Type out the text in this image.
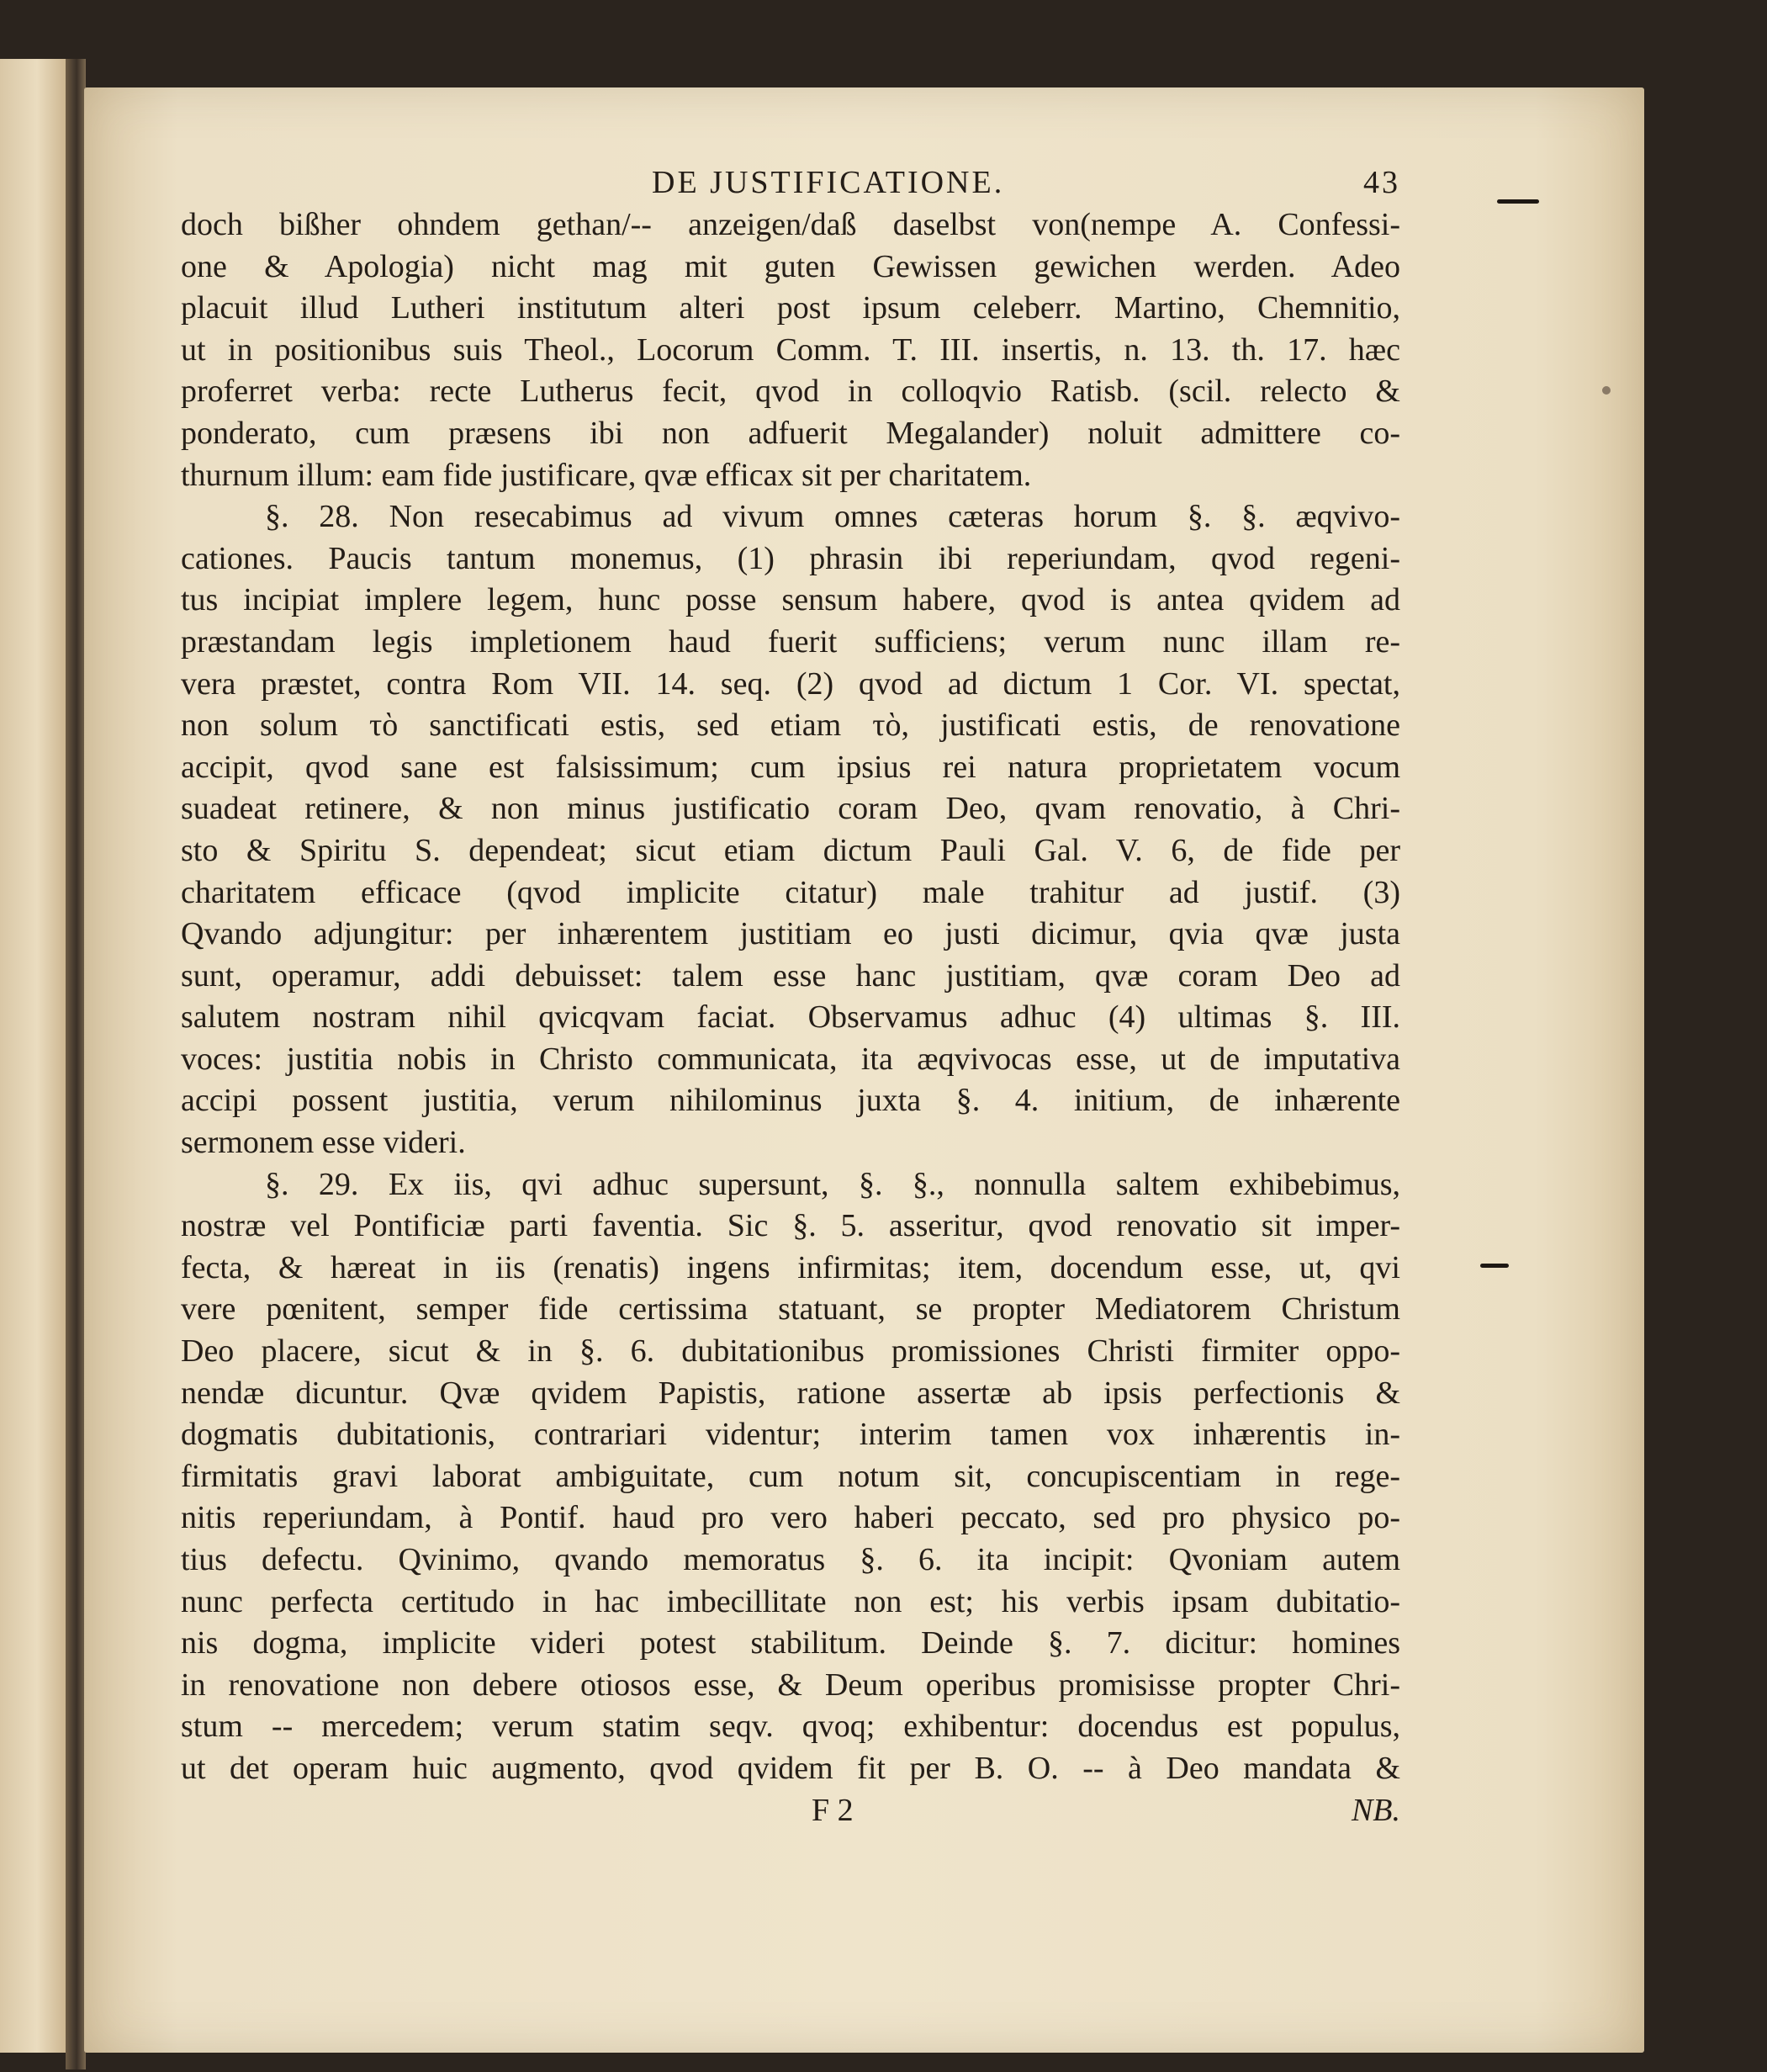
DE JUSTIFICATIONE.	43
doch bißher ohndem gethan/-- anzeigen/daß daselbst von(nempe A. Confessi-
one & Apologia) nicht mag mit guten Gewissen gewichen werden. Adeo
placuit illud Lutheri institutum alteri post ipsum celeberr. Martino, Chemnitio,
ut in positionibus suis Theol., Locorum Comm. T. III. insertis, n. 13. th. 17. hæc
proferret verba: recte Lutherus fecit, qvod in colloqvio Ratisb. (scil. relecto &
ponderato, cum præsens ibi non adfuerit Megalander) noluit admittere co-
thurnum illum: eam fide justificare, qvæ efficax sit per charitatem.
§. 28. Non resecabimus ad vivum omnes cæteras horum §. §. æqvivo-
cationes. Paucis tantum monemus, (1) phrasin ibi reperiundam, qvod regeni-
tus incipiat implere legem, hunc posse sensum habere, qvod is antea qvidem ad
præstandam legis impletionem haud fuerit sufficiens; verum nunc illam re-
vera præstet, contra Rom VII. 14. seq. (2) qvod ad dictum 1 Cor. VI. spectat,
non solum τὸ sanctificati estis, sed etiam τὸ, justificati estis, de renovatione
accipit, qvod sane est falsissimum; cum ipsius rei natura proprietatem vocum
suadeat retinere, & non minus justificatio coram Deo, qvam renovatio, à Chri-
sto & Spiritu S. dependeat; sicut etiam dictum Pauli Gal. V. 6, de fide per
charitatem efficace (qvod implicite citatur) male trahitur ad justif. (3)
Qvando adjungitur: per inhærentem justitiam eo justi dicimur, qvia qvæ justa
sunt, operamur, addi debuisset: talem esse hanc justitiam, qvæ coram Deo ad
salutem nostram nihil qvicqvam faciat. Observamus adhuc (4) ultimas §. III.
voces: justitia nobis in Christo communicata, ita æqvivocas esse, ut de imputativa
accipi possent justitia, verum nihilominus juxta §. 4. initium, de inhærente
sermonem esse videri.
§. 29. Ex iis, qvi adhuc supersunt, §. §., nonnulla saltem exhibebimus,
nostræ vel Pontificiæ parti faventia. Sic §. 5. asseritur, qvod renovatio sit imper-
fecta, & hæreat in iis (renatis) ingens infirmitas; item, docendum esse, ut, qvi
vere pœnitent, semper fide certissima statuant, se propter Mediatorem Christum
Deo placere, sicut & in §. 6. dubitationibus promissiones Christi firmiter oppo-
nendæ dicuntur. Qvæ qvidem Papistis, ratione assertæ ab ipsis perfectionis &
dogmatis dubitationis, contrariari videntur; interim tamen vox inhærentis in-
firmitatis gravi laborat ambiguitate, cum notum sit, concupiscentiam in rege-
nitis reperiundam, à Pontif. haud pro vero haberi peccato, sed pro physico po-
tius defectu. Qvinimo, qvando memoratus §. 6. ita incipit: Qvoniam autem
nunc perfecta certitudo in hac imbecillitate non est; his verbis ipsam dubitatio-
nis dogma, implicite videri potest stabilitum. Deinde §. 7. dicitur: homines
in renovatione non debere otiosos esse, & Deum operibus promisisse propter Chri-
stum -- mercedem; verum statim seqv. qvoq; exhibentur: docendus est populus,
ut det operam huic augmento, qvod qvidem fit per B. O. -- à Deo mandata &
F 2	NB.
